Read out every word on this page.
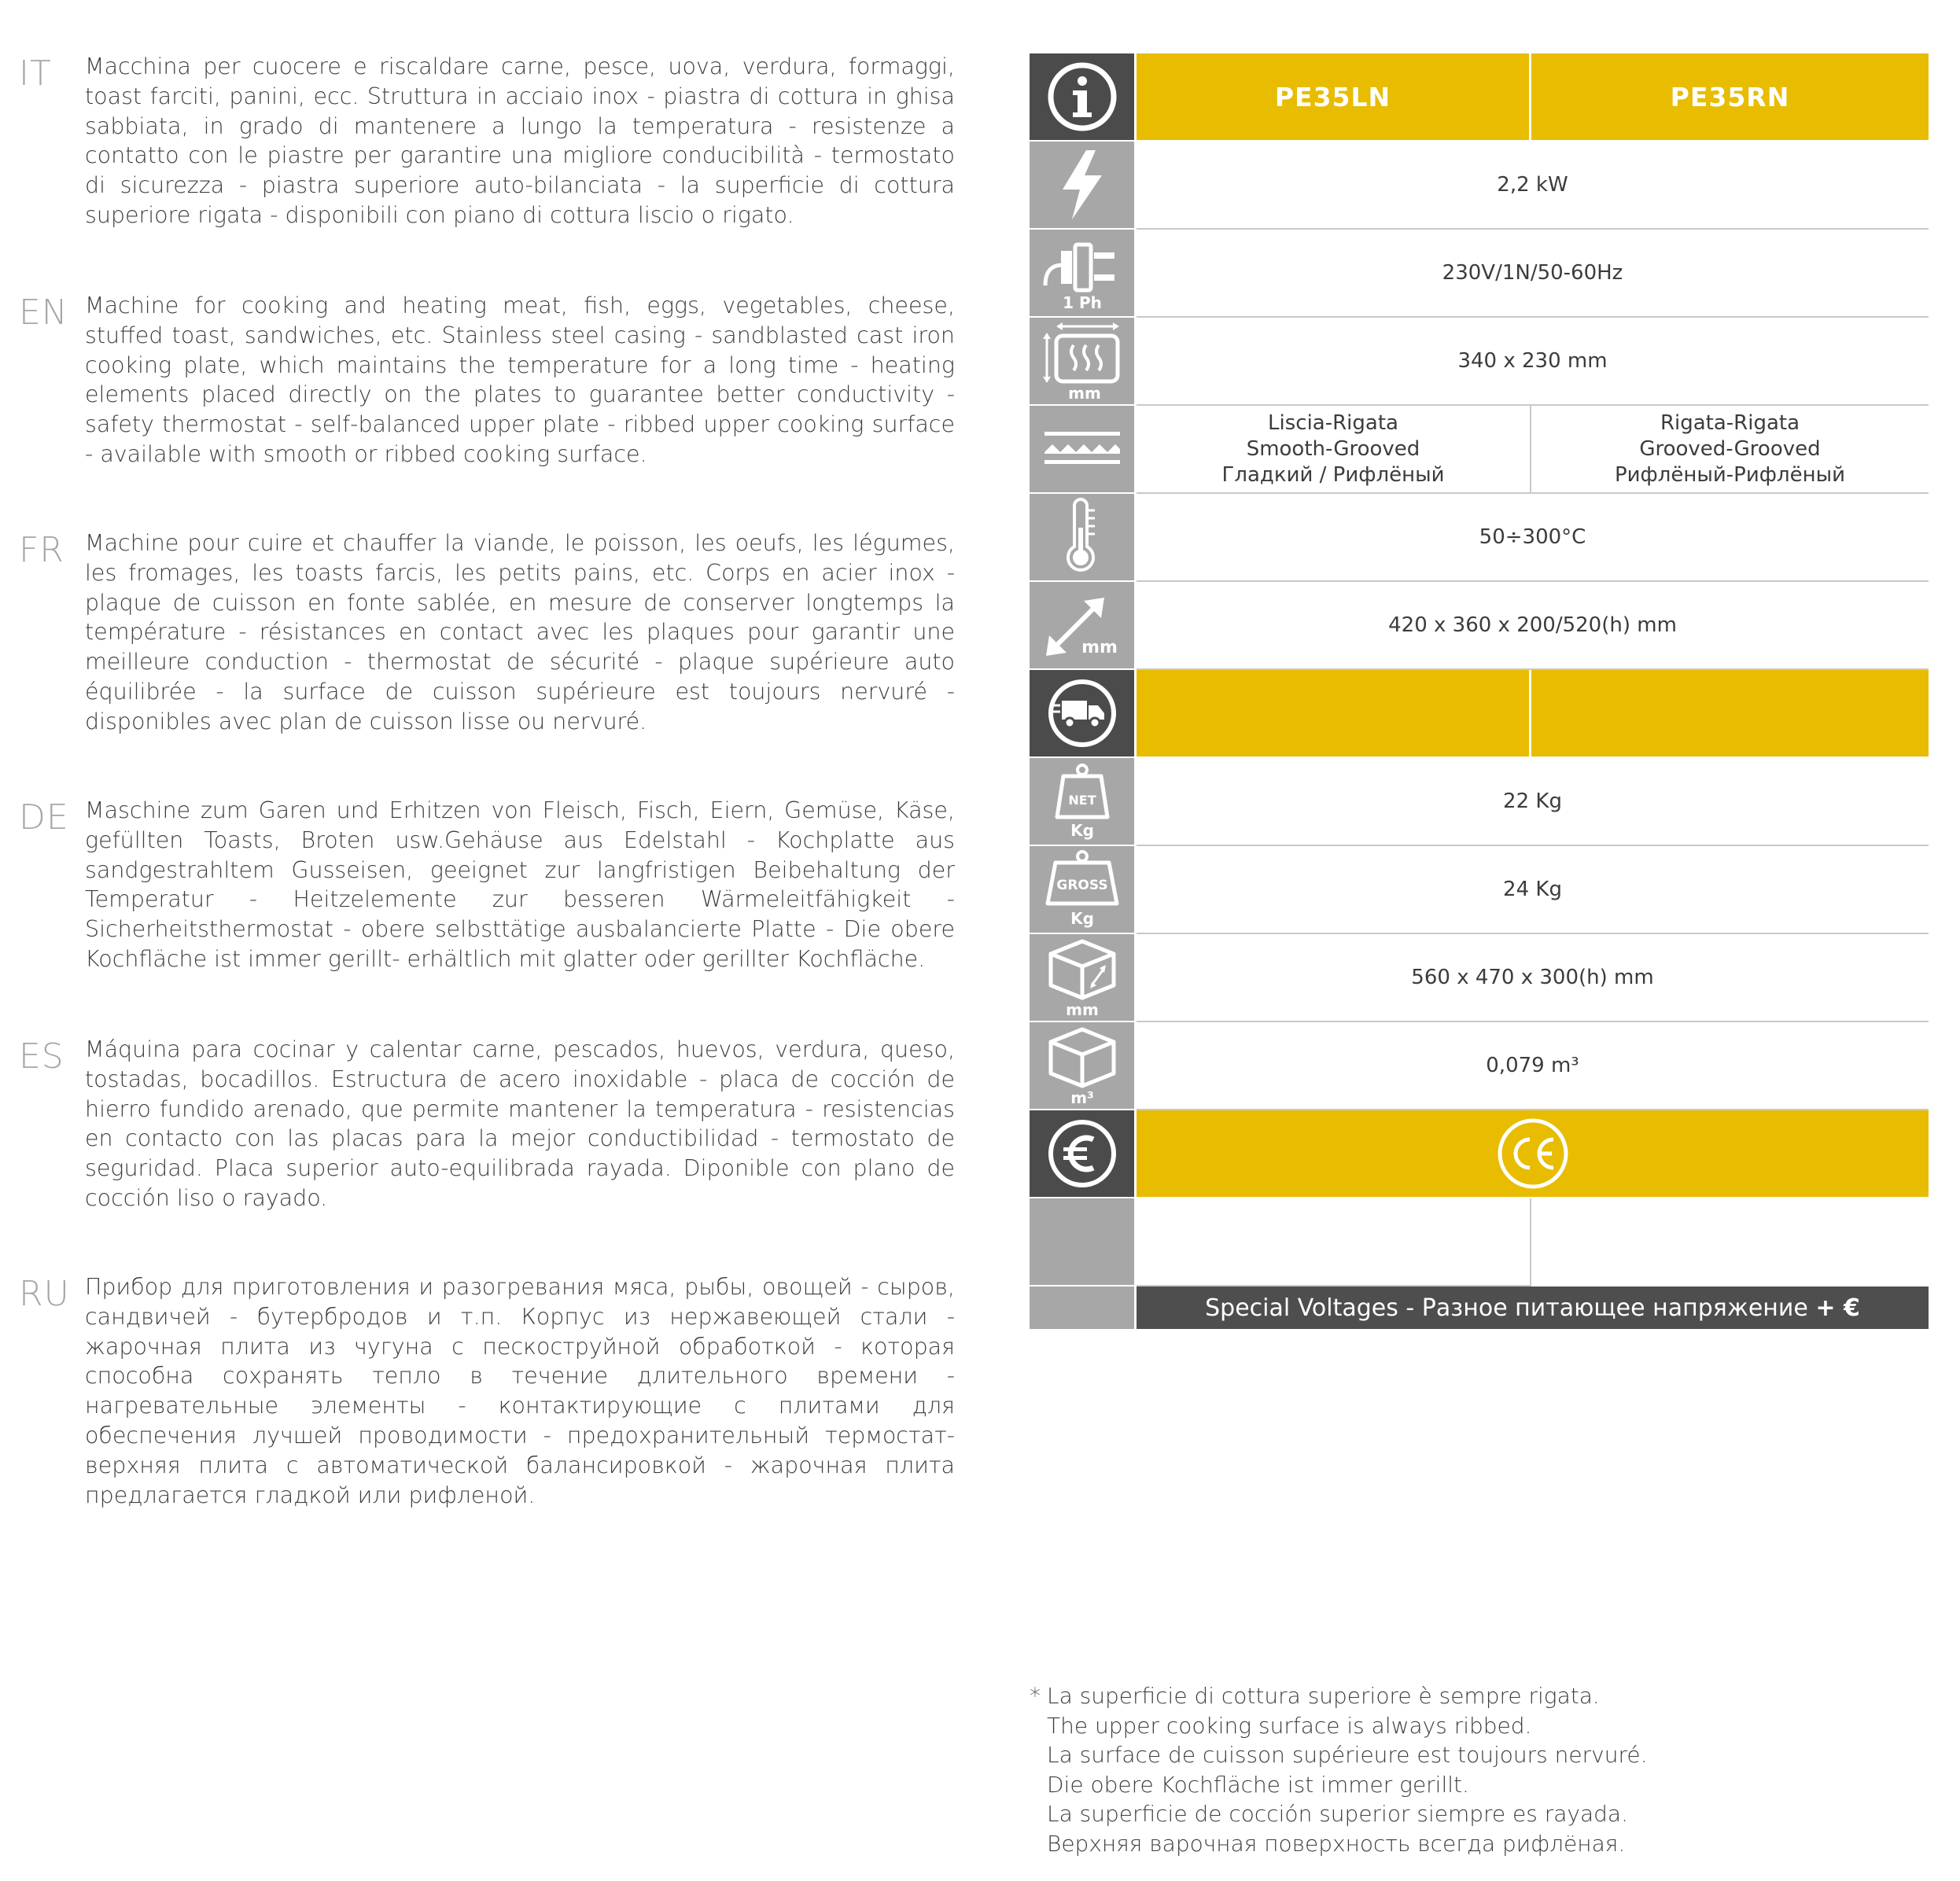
IT Macchina per cuocere e riscaldare carne, pesce, uova, verdura, formaggi, toast farciti, panini, ecc. Struttura in acciaio inox - piastra di cottura in ghisa sabbiata, in grado di mantenere a lungo la temperatura - resistenze a contatto con le piastre per garantire una migliore conducibilità - termostato di sicurezza - piastra superiore auto-bilanciata - la superficie di cottura superiore rigata - disponibili con piano di cottura liscio o rigato.
EN Machine for cooking and heating meat, fish, eggs, vegetables, cheese, stuffed toast, sandwiches, etc. Stainless steel casing - sandblasted cast iron cooking plate, which maintains the temperature for a long time - heating elements placed directly on the plates to guarantee better conductivity - safety thermostat - self-balanced upper plate - ribbed upper cooking surface - available with smooth or ribbed cooking surface.
FR Machine pour cuire et chauffer la viande, le poisson, les oeufs, les légumes, les fromages, les toasts farcis, les petits pains, etc. Corps en acier inox - plaque de cuisson en fonte sablée, en mesure de conserver longtemps la température - résistances en contact avec les plaques pour garantir une meilleure conduction - thermostat de sécurité - plaque supérieure auto équilibrée - la surface de cuisson supérieure est toujours nervuré -disponibles avec plan de cuisson lisse ou nervuré.
DE Maschine zum Garen und Erhitzen von Fleisch, Fisch, Eiern, Gemüse, Käse, gefüllten Toasts, Broten usw.Gehäuse aus Edelstahl - Kochplatte aus sandgestrahltem Gusseisen, geeignet zur langfristigen Beibehaltung der Temperatur - Heitzelemente zur besseren Wärmeleitfähigkeit - Sicherheitsthermostat - obere selbsttätige ausbalancierte Platte - Die obere Kochfläche ist immer gerillt- erhältlich mit glatter oder gerillter Kochfläche.
ES Máquina para cocinar y calentar carne, pescados, huevos, verdura, queso, tostadas, bocadillos. Estructura de acero inoxidable - placa de cocción de hierro fundido arenado, que permite mantener la temperatura - resistencias en contacto con las placas para la mejor conductibilidad - termostato de seguridad. Placa superior auto-equilibrada rayada. Diponible con plano de cocción liso o rayado.
RU Прибор для приготовления и разогревания мяса, рыбы, овощей - сыров, сандвичей - бутербродов и т.п. Корпус из нержавеющей стали - жарочная плита из чугуна с пескоструйной обработкой - которая способна сохранять тепло в течение длительного времени - нагревательные элементы - контактирующие с плитами для обеспечения лучшей проводимости - предохранительный термостат- верхняя плита с автоматической балансировкой - жарочная плита предлагается гладкой или рифленой.
PE35LN	PE35RN
2,2 kW
1 Ph
230V/1N/50-60Hz
mm
340 x 230 mm
Liscia-Rigata
Smooth-Grooved
Гладкий / Рифлёный
Rigata-Rigata
Grooved-Grooved
Рифлёный-Рифлёный
50÷300°C
mm
420 x 360 x 200/520(h) mm
NET
Kg
22 Kg
GROSS
Kg
24 Kg
mm
560 x 470 x 300(h) mm
m³
0,079 m³
Special Voltages - Разное питающее напряжение
+ €
* La superficie di cottura superiore è sempre rigata.
The upper cooking surface is always ribbed.
La surface de cuisson supérieure est toujours nervuré.
Die obere Kochfläche ist immer gerillt.
La superficie de cocción superior siempre es rayada.
Верхняя варочная поверхность всегда рифлёная.
